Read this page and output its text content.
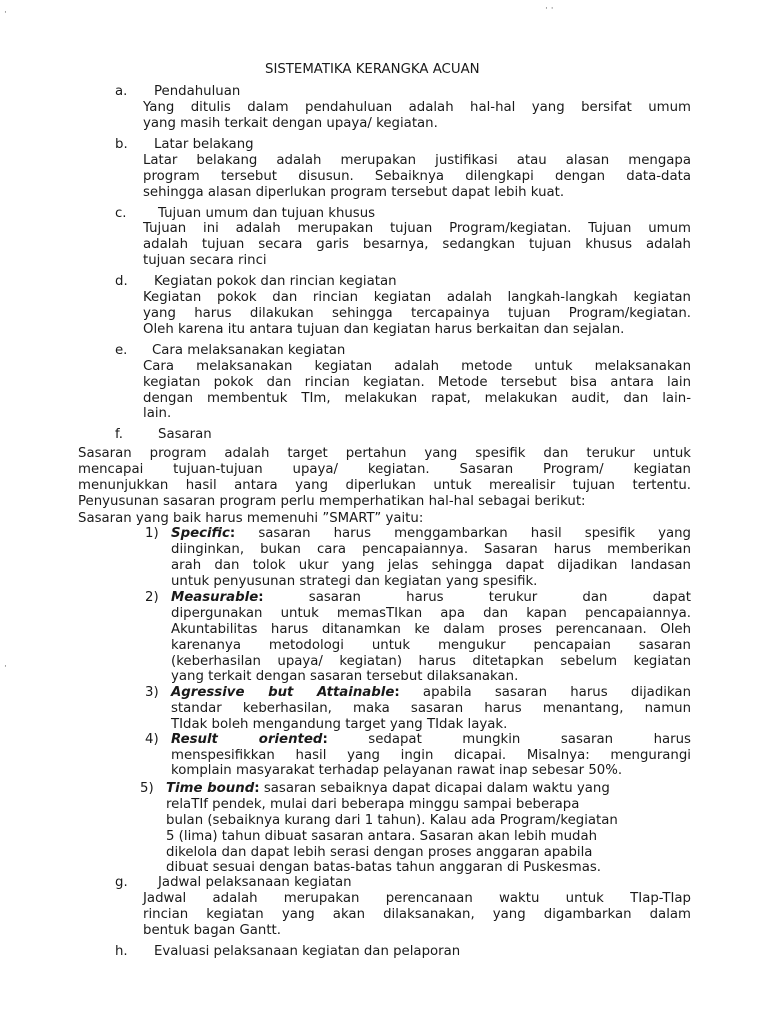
·	· ·
·
SISTEMATIKA KERANGKA ACUAN
a. Pendahuluan
Yang ditulis dalam pendahuluan adalah hal-hal yang bersifat umum
yang masih terkait dengan upaya/ kegiatan.
b. Latar belakang
Latar belakang adalah merupakan justifikasi atau alasan mengapa
program tersebut disusun. Sebaiknya dilengkapi dengan data-data
sehingga alasan diperlukan program tersebut dapat lebih kuat.
c. Tujuan umum dan tujuan khusus
Tujuan ini adalah merupakan tujuan Program/kegiatan. Tujuan umum
adalah tujuan secara garis besarnya, sedangkan tujuan khusus adalah
tujuan secara rinci
d. Kegiatan pokok dan rincian kegiatan
Kegiatan pokok dan rincian kegiatan adalah langkah-langkah kegiatan
yang harus dilakukan sehingga tercapainya tujuan Program/kegiatan.
Oleh karena itu antara tujuan dan kegiatan harus berkaitan dan sejalan.
e. Cara melaksanakan kegiatan
Cara melaksanakan kegiatan adalah metode untuk melaksanakan
kegiatan pokok dan rincian kegiatan. Metode tersebut bisa antara lain
dengan membentuk TIm, melakukan rapat, melakukan audit, dan lain-
lain.
f.	Sasaran
Sasaran program adalah target pertahun yang spesifik dan terukur untuk
mencapai tujuan-tujuan upaya/ kegiatan. Sasaran Program/ kegiatan
menunjukkan hasil antara yang diperlukan untuk merealisir tujuan tertentu.
Penyusunan sasaran program perlu memperhatikan hal-hal sebagai berikut:
Sasaran yang baik harus memenuhi ”SMART” yaitu:
1) Specific: sasaran harus menggambarkan hasil spesifik yang
diinginkan, bukan cara pencapaiannya. Sasaran harus memberikan
arah dan tolok ukur yang jelas sehingga dapat dijadikan landasan
untuk penyusunan strategi dan kegiatan yang spesifik.
2) Measurable:	sasaran harus terukur dan dapat
dipergunakan untuk memasTIkan apa dan kapan pencapaiannya.
Akuntabilitas harus ditanamkan ke dalam proses perencanaan. Oleh
karenanya metodologi untuk mengukur pencapaian sasaran
(keberhasilan upaya/ kegiatan) harus ditetapkan sebelum kegiatan
yang terkait dengan sasaran tersebut dilaksanakan.
3) Agressive but Attainable: apabila sasaran harus dijadikan
standar keberhasilan, maka sasaran harus menantang, namun
TIdak boleh mengandung target yang TIdak layak.
4) Result oriented:	sedapat mungkin sasaran harus
menspesifikkan hasil yang ingin dicapai. Misalnya: mengurangi
komplain masyarakat terhadap pelayanan rawat inap sebesar 50%.
5) Time bound: sasaran sebaiknya dapat dicapai dalam waktu yang
relaTIf pendek, mulai dari beberapa minggu sampai beberapa
bulan (sebaiknya kurang dari 1 tahun). Kalau ada Program/kegiatan
5 (lima) tahun dibuat sasaran antara. Sasaran akan lebih mudah
dikelola dan dapat lebih serasi dengan proses anggaran apabila
dibuat sesuai dengan batas-batas tahun anggaran di Puskesmas.
g. Jadwal pelaksanaan kegiatan
Jadwal adalah merupakan perencanaan waktu untuk TIap-TIap
rincian kegiatan yang akan dilaksanakan, yang digambarkan dalam
bentuk bagan Gantt.
h. Evaluasi pelaksanaan kegiatan dan pelaporan
